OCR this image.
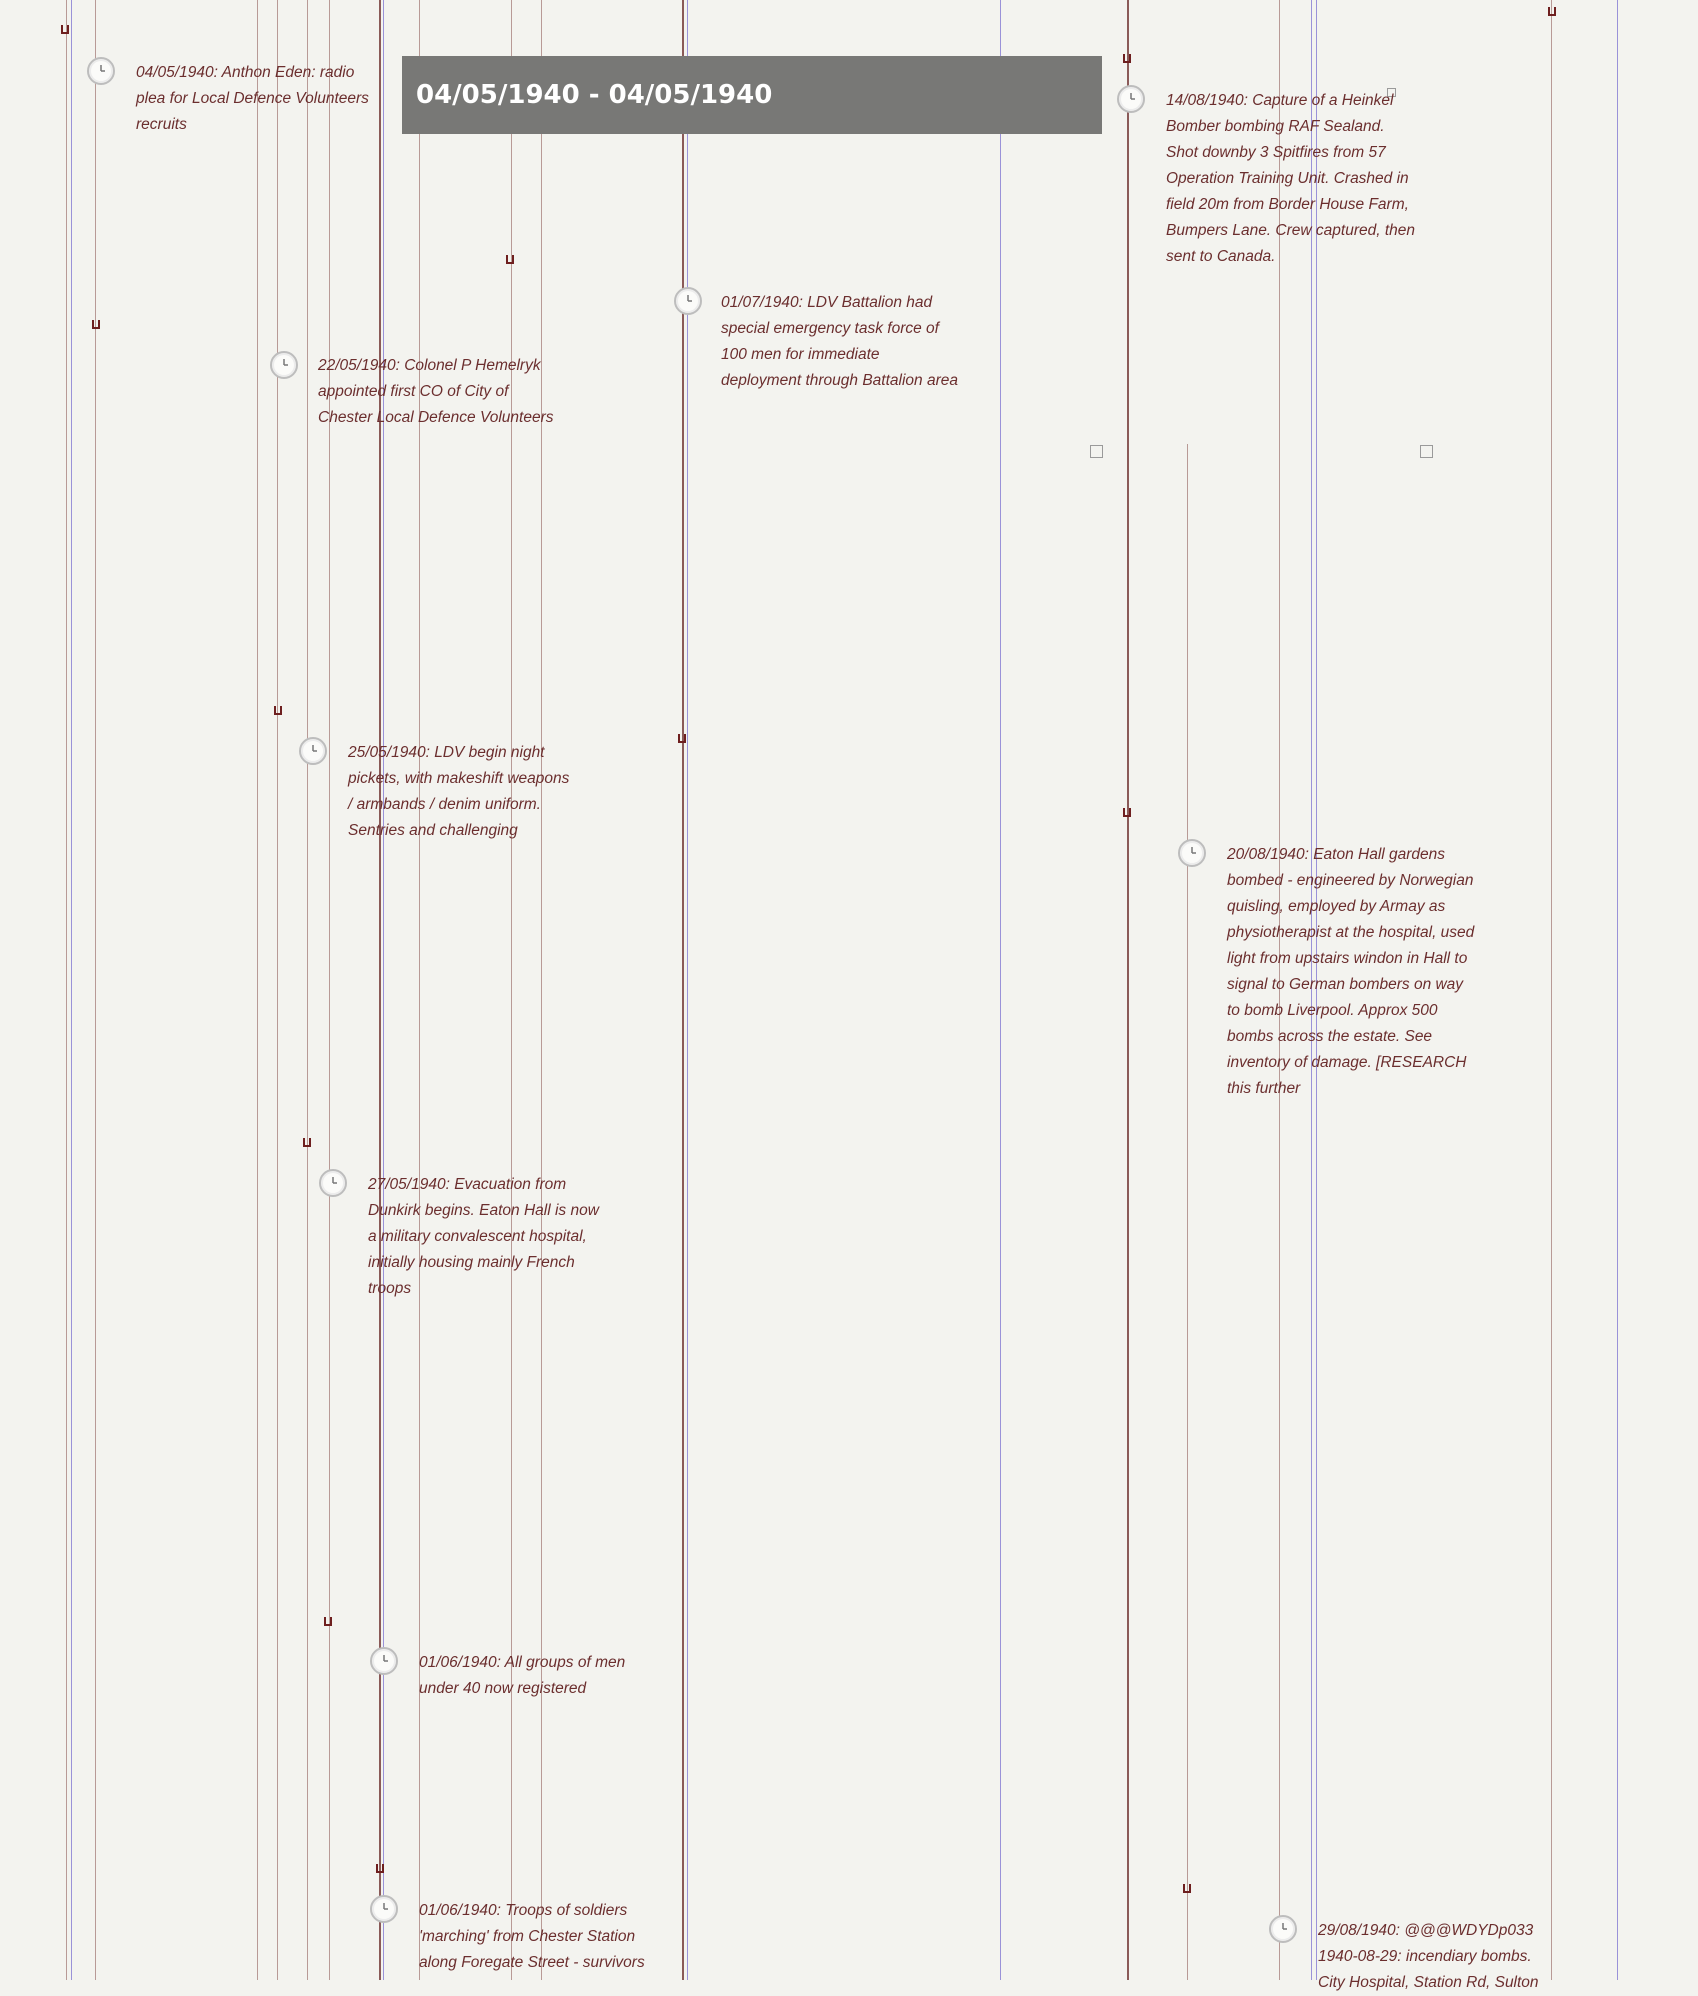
04/05/1940 - 04/05/1940
04/05/1940: Anthon Eden: radio plea for Local Defence Volunteers recruits
22/05/1940: Colonel P Hemelryk appointed first CO of City of Chester Local Defence Volunteers
25/05/1940: LDV begin night pickets, with makeshift weapons / armbands / denim uniform. Sentries and challenging
27/05/1940: Evacuation from Dunkirk begins. Eaton Hall is now a military convalescent hospital, initially housing mainly French troops
01/06/1940: All groups of men under 40 now registered
01/06/1940: Troops of soldiers 'marching' from Chester Station along Foregate Street - survivors
01/07/1940: LDV Battalion had special emergency task force of 100 men for immediate deployment through Battalion area
14/08/1940: Capture of a Heinkel Bomber bombing RAF Sealand. Shot downby 3 Spitfires from 57 Operation Training Unit. Crashed in field 20m from Border House Farm, Bumpers Lane. Crew captured, then sent to Canada.
20/08/1940: Eaton Hall gardens bombed - engineered by Norwegian quisling, employed by Armay as physiotherapist at the hospital, used light from upstairs windon in Hall to signal to German bombers on way to bomb Liverpool. Approx 500 bombs across the estate. See inventory of damage. [RESEARCH this further
29/08/1940: @@@WDYDp033 1940-08-29: incendiary bombs. City Hospital, Station Rd, Sulton
